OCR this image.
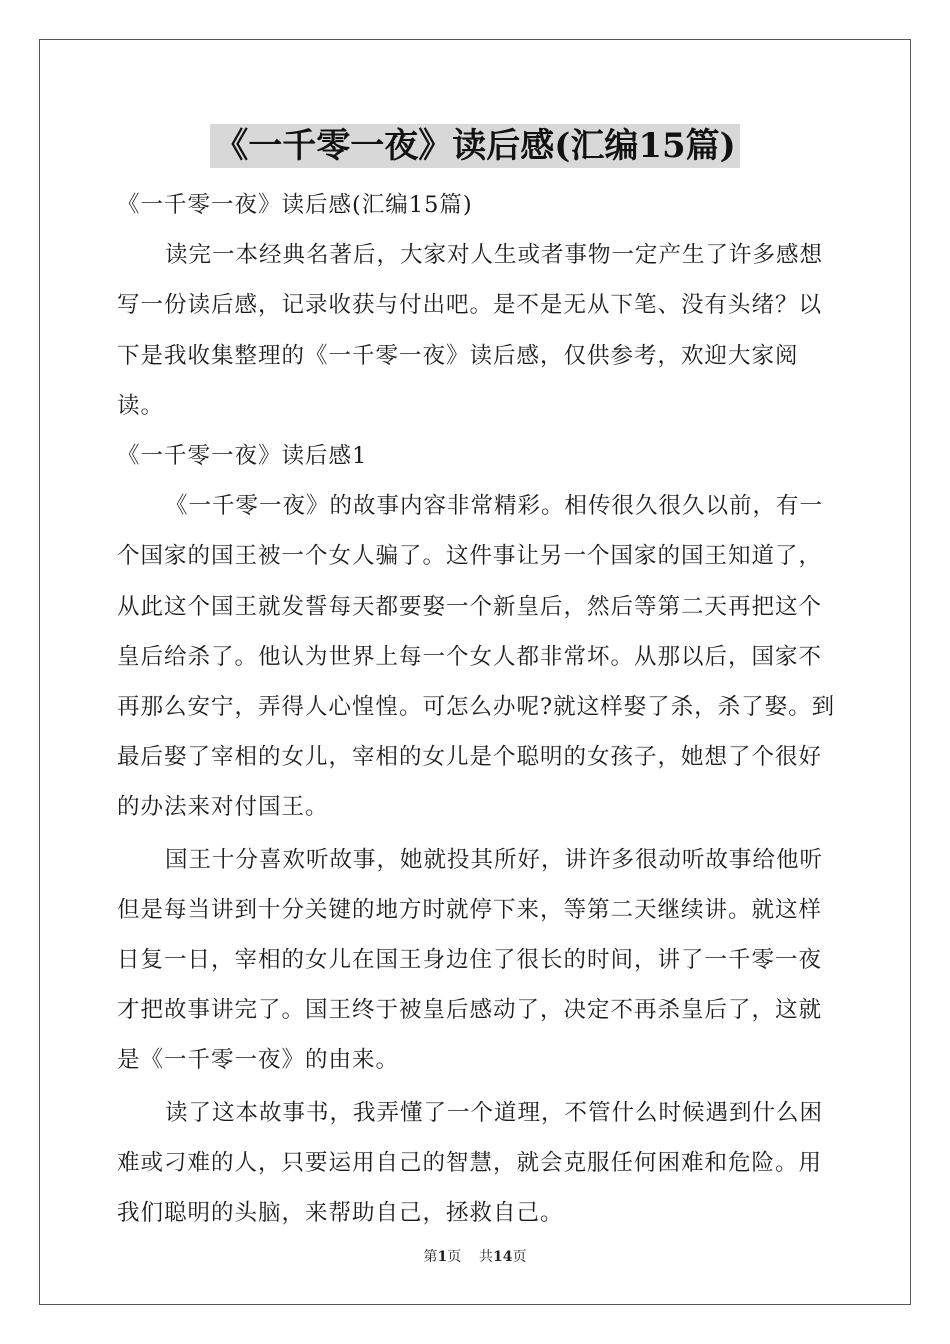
《一千零一夜》读后感(汇编15篇)

《一千零一夜》读后感(汇编15篇)

读完一本经典名著后，大家对人生或者事物一定产生了许多感想写一份读后感，记录收获与付出吧。是不是无从下笔、没有头绪？以下是我收集整理的《一千零一夜》读后感，仅供参考，欢迎大家阅读。

《一千零一夜》读后感1

《一千零一夜》的故事内容非常精彩。相传很久很久以前，有一个国家的国王被一个女人骗了。这件事让另一个国家的国王知道了，从此这个国王就发誓每天都要娶一个新皇后，然后等第二天再把这个皇后给杀了。他认为世界上每一个女人都非常坏。从那以后，国家不再那么安宁，弄得人心惶惶。可怎么办呢?就这样娶了杀，杀了娶。到最后娶了宰相的女儿，宰相的女儿是个聪明的女孩子，她想了个很好的办法来对付国王。

国王十分喜欢听故事，她就投其所好，讲许多很动听故事给他听但是每当讲到十分关键的地方时就停下来，等第二天继续讲。就这样日复一日，宰相的女儿在国王身边住了很长的时间，讲了一千零一夜才把故事讲完了。国王终于被皇后感动了，决定不再杀皇后了，这就是《一千零一夜》的由来。

读了这本故事书，我弄懂了一个道理，不管什么时候遇到什么困难或刁难的人，只要运用自己的智慧，就会克服任何困难和危险。用我们聪明的头脑，来帮助自己，拯救自己。

第1页 共14页
